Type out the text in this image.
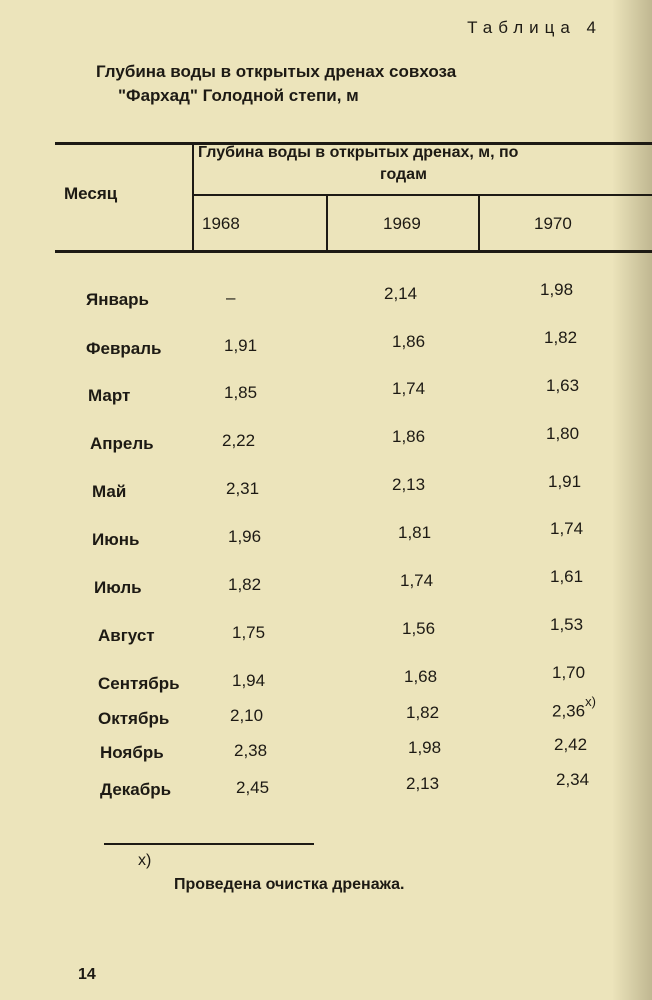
Таблица 4
Глубина воды в открытых дренах совхоза
"Фархад" Голодной степи, м
Месяц
Глубина воды в открытых дренах, м, по
годам
1968	1969	1970
Январь	–	2,14	1,98
Февраль	1,91	1,86	1,82
Март	1,85	1,74	1,63
Апрель	2,22	1,86	1,80
Май	2,31	2,13	1,91
Июнь	1,96	1,81	1,74
Июль	1,82	1,74	1,61
Август	1,75	1,56	1,53
Сентябрь	1,94	1,68	1,70
Октябрь	2,10	1,82	2,36$^{x)}$
Ноябрь	2,38	1,98	2,42
Декабрь	2,45	2,13	2,34
x)
Проведена очистка дренажа.
14
